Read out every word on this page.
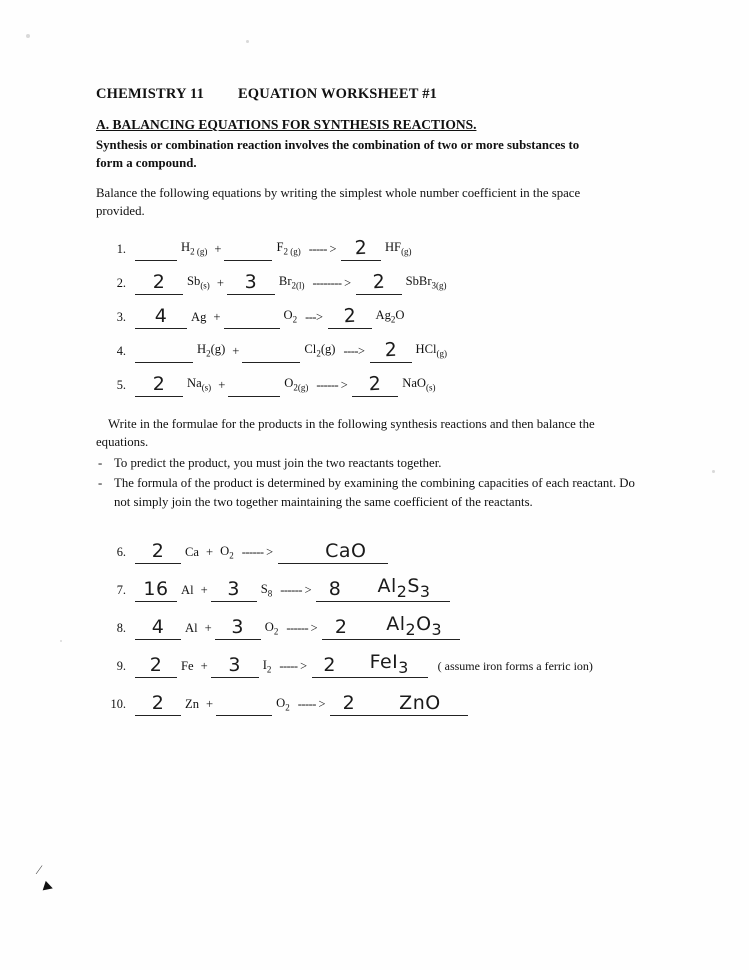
CHEMISTRY 11 EQUATION WORKSHEET #1
A. BALANCING EQUATIONS FOR SYNTHESIS REACTIONS.
Synthesis or combination reaction involves the combination of two or more substances to form a compound.
Balance the following equations by writing the simplest whole number coefficient in the space provided.
1.	$H_{2 (g)}$ +	$F_{2 (g)}$ ----- > 2	$HF_{(g)}$
2.	2	$Sb_{(s)} + 3$	$Br_{2(l)}$ -------- > 2	SbBr$_{3(g)}$
3.	4	Ag +	$O_2$ ---> 2	$Ag_2O$
4.	$H_2(g)$ +	$Cl_2(g)$ ----> 2	HCl$_{(g)}$
5.	2	$Na_{(s)}$ +	$O_{2(g)}$ ------ > 2	NaO$_{(s)}$
Write in the formulae for the products in the following synthesis reactions and then balance the equations.
- To predict the product, you must join the two reactants together.
- The formula of the product is determined by examining the combining capacities of each reactant. Do not simply join the two together maintaining the same coefficient of the reactants.
6.	2	$Ca + O_2$ ------ >	CaO
7. 16 Al + 3	$S_8$ ------ > 8 $Al_2S_3$
8.	4	Al + 3	$O_2$ ------ > 2 $Al_2O_3$
9.	2	Fe + 3	$I_2$ ----- > 2 FeI$_3$	( assume iron forms a ferric ion)
10.	2	Zn +	$O_2$ ----- > 2 ZnO
∕
